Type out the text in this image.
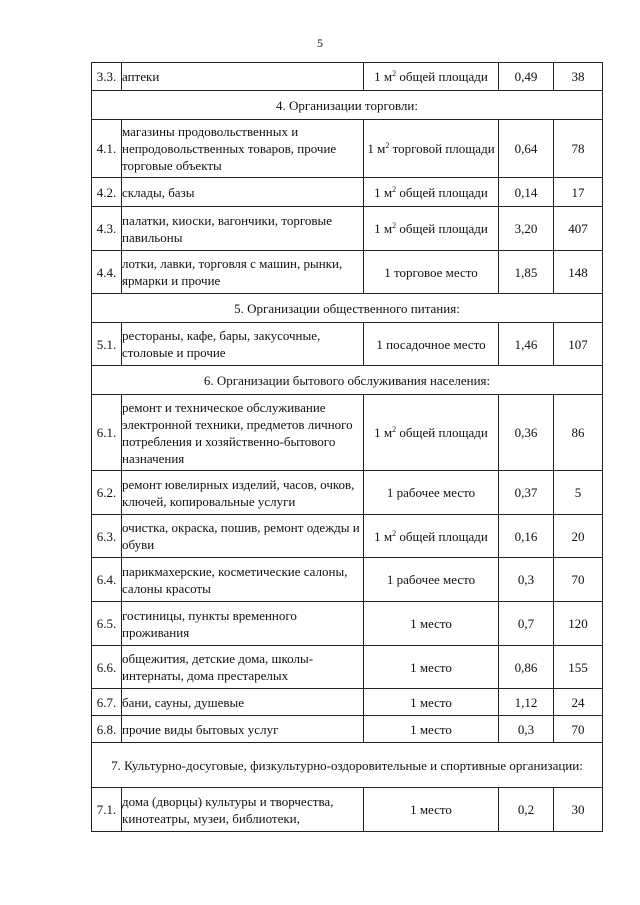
5
3.3.	аптеки	1 $м^2$ общей площади	0,49	38
4. Организации торговли:				
4.1.	магазины продовольственных и непродовольственных товаров, прочие торговые объекты	1 $м^2$ торговой площади	0,64	78
4.2.	склады, базы	1 $м^2$ общей площади	0,14	17
4.3.	палатки, киоски, вагончики, торговые павильоны	1 $м^2$ общей площади	3,20	407
4.4.	лотки, лавки, торговля с машин, рынки, ярмарки и прочие	1 торговое место	1,85	148
5. Организации общественного питания:				
5.1.	рестораны, кафе, бары, закусочные, столовые и прочие	1 посадочное место	1,46	107
6. Организации бытового обслуживания населения:				
6.1.	ремонт и техническое обслуживание электронной техники, предметов личного потребления и хозяйственно-бытового назначения	1 $м^2$ общей площади	0,36	86
6.2.	ремонт ювелирных изделий, часов, очков, ключей, копировальные услуги	1 рабочее место	0,37	5
6.3.	очистка, окраска, пошив, ремонт одежды и обуви	1 $м^2$ общей площади	0,16	20
6.4.	парикмахерские, косметические салоны, салоны красоты	1 рабочее место	0,3	70
6.5.	гостиницы, пункты временного проживания	1 место	0,7	120
6.6.	общежития, детские дома, школы-интернаты, дома престарелых	1 место	0,86	155
6.7.	бани, сауны, душевые	1 место	1,12	24
6.8.	прочие виды бытовых услуг	1 место	0,3	70
7. Культурно-досуговые, физкультурно-оздоровительные и спортивные организации:				
7.1.	дома (дворцы) культуры и творчества, кинотеатры, музеи, библиотеки,	1 место	0,2	30
